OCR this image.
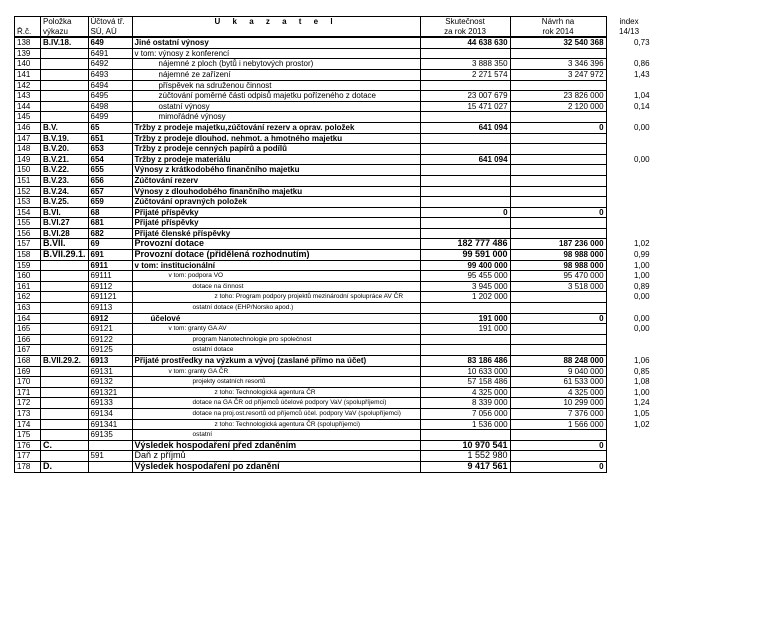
	Položka	Účtová tř.	U k a z a t e l	Skutečnost	Návrh na	index
Ř.č.	výkazu	SÚ, AÚ		za rok 2013	rok 2014	14/13
138	B.IV.18.	649	Jiné ostatní výnosy	44 638 630	32 540 368	0,73
139		6491	v tom: výnosy z konferencí			
140		6492	nájemné z ploch (bytů i nebytových prostor)	3 888 350	3 346 396	0,86
141		6493	nájemné ze zařízení	2 271 574	3 247 972	1,43
142		6494	příspěvek na sdruženou činnost			
143		6495	zúčtování poměrné části odpisů majetku pořízeného z dotace	23 007 679	23 826 000	1,04
144		6498	ostatní výnosy	15 471 027	2 120 000	0,14
145		6499	mimořádné výnosy			
146	B.V.	65	Tržby z prodeje majetku,zúčtování rezerv a oprav. položek	641 094	0	0,00
147	B.V.19.	651	Tržby z prodeje dlouhod. nehmot. a hmotného majetku			
148	B.V.20.	653	Tržby z prodeje cenných papírů a podílů			
149	B.V.21.	654	Tržby z prodeje materiálu	641 094		0,00
150	B.V.22.	655	Výnosy z krátkodobého finančního majetku			
151	B.V.23.	656	Zúčtování rezerv			
152	B.V.24.	657	Výnosy z dlouhodobého finančního majetku			
153	B.V.25.	659	Zúčtování opravných položek			
154	B.VI.	68	Přijaté příspěvky	0	0	
155	B.VI.27	681	Přijaté příspěvky			
156	B.VI.28	682	Přijaté členské příspěvky			
157	B.VII.	69	Provozní dotace	182 777 486	187 236 000	1,02
158	B.VII.29.1.	691	Provozní dotace (přidělená rozhodnutím)	99 591 000	98 988 000	0,99
159		6911	v tom: institucionální	99 400 000	98 988 000	1,00
160		69111	v tom: podpora VO	95 455 000	95 470 000	1,00
161		69112	dotace na činnost	3 945 000	3 518 000	0,89
162		691121	z toho: Program podpory projektů mezinárodní spolupráce AV ČR	1 202 000		0,00
163		69113	ostatní dotace (EHP/Norsko apod.)			
164		6912	účelové	191 000	0	0,00
165		69121	v tom: granty GA AV	191 000		0,00
166		69122	program Nanotechnologie pro společnost			
167		69125	ostatní dotace			
168	B.VII.29.2.	6913	Přijaté prostředky na výzkum a vývoj (zaslané přímo na účet)	83 186 486	88 248 000	1,06
169		69131	v tom: granty GA ČR	10 633 000	9 040 000	0,85
170		69132	projekty ostatních resortů	57 158 486	61 533 000	1,08
171		691321	z toho: Technologická agentura ČR	4 325 000	4 325 000	1,00
172		69133	dotace na GA ČR od příjemců účelové podpory VaV (spolupříjemci)	8 339 000	10 299 000	1,24
173		69134	dotace na proj.ost.resortů od příjemců účel. podpory VaV (spolupříjemci)	7 056 000	7 376 000	1,05
174		691341	z toho: Technologická agentura ČR (spolupříjemci)	1 536 000	1 566 000	1,02
175		69135	ostatní			
176	C.		Výsledek hospodaření před zdaněním	10 970 541	0	
177		591	Daň z příjmů	1 552 980		
178	D.		Výsledek hospodaření po zdanění	9 417 561	0	
